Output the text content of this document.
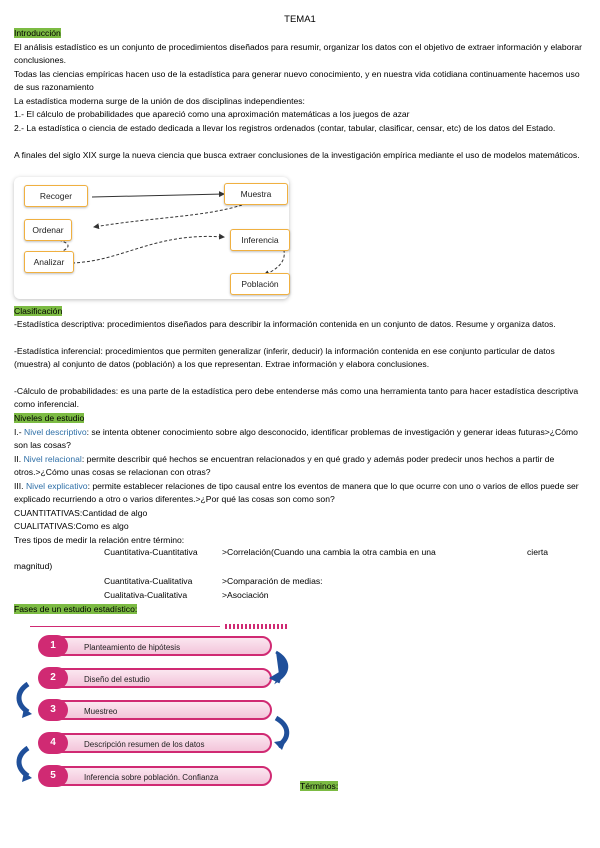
TEMA1
Introducción
El análisis estadístico es un conjunto de procedimientos diseñados para resumir, organizar los datos con el objetivo de extraer información y elaborar conclusiones.
Todas las ciencias empíricas hacen uso de la estadística para generar nuevo conocimiento, y en nuestra vida cotidiana continuamente hacemos uso de sus razonamiento
La estadística moderna surge de la unión de dos disciplinas independientes:
1.- El cálculo de probabilidades que apareció como una aproximación matemáticas a los juegos de azar
2.- La estadística o ciencia de estado dedicada a llevar los registros ordenados (contar, tabular, clasificar, censar, etc) de los datos del Estado.
A finales del siglo XIX surge la nueva ciencia que busca extraer conclusiones de la investigación empírica mediante el uso de modelos matemáticos.
Recoger	Muestra
Ordenar
Inferencia
Analizar
Población
Clasificación
-Estadística descriptiva: procedimientos diseñados para describir la información contenida en un conjunto de datos. Resume y organiza datos.
-Estadística inferencial: procedimientos que permiten generalizar (inferir, deducir) la información contenida en ese conjunto particular de datos (muestra) al conjunto de datos (población) a los que representan. Extrae información y elabora conclusiones.
-Cálculo de probabilidades: es una parte de la estadística pero debe entenderse más como una herramienta tanto para hacer estadística descriptiva como inferencial.
Niveles de estudio
I.- Nivel descriptivo: se intenta obtener conocimiento sobre algo desconocido, identificar problemas de investigación y generar ideas futuras>¿Cómo son las cosas?
II. Nivel relacional: permite describir qué hechos se encuentran relacionados y en qué grado y además poder predecir unos hechos a partir de otros.>¿Cómo unas cosas se relacionan con otras?
III. Nivel explicativo: permite establecer relaciones de tipo causal entre los eventos de manera que lo que ocurre con uno o varios de ellos puede ser explicado recurriendo a otro o varios diferentes.>¿Por qué las cosas son como son?
CUANTITATIVAS:Cantidad de algo
CUALITATIVAS:Como es algo
Tres tipos de medir la relación entre término:
Cuantitativa-Cuantitativa	>Correlación(Cuando una cambia la otra cambia en una	cierta
magnitud)
Cuantitativa-Cualitativa	>Comparación de medias:
Cualitativa-Cualitativa	>Asociación
Fases de un estudio estadístico:
Planteamiento de hipótesis
1
Diseño del estudio
2
Muestreo
3
Descripción resumen de los datos
4
Inferencia sobre población. Confianza
5
Términos:
